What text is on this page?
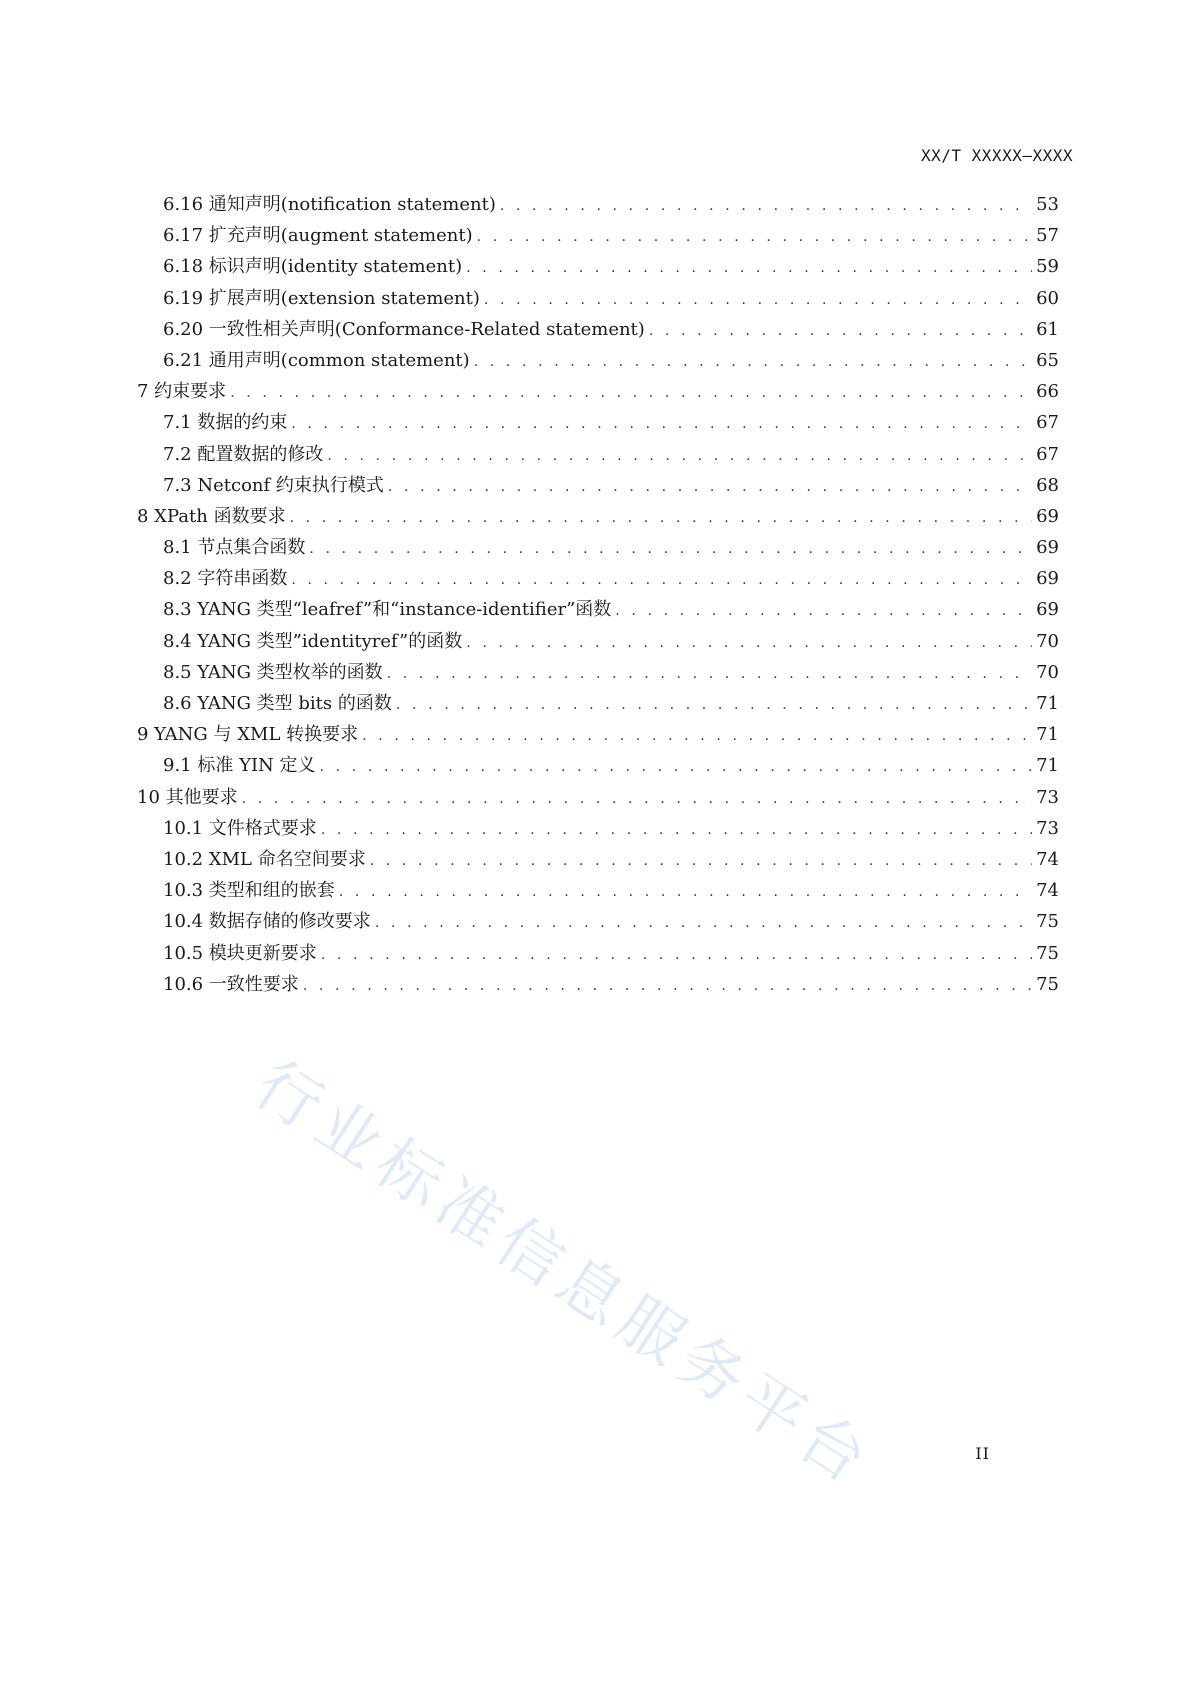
XX/T XXXXX—XXXX
6.16 通知声明(notification statement) . . .	53
6.17 扩充声明(augment statement) . . .	57
6.18 标识声明(identity statement) . . .	59
6.19 扩展声明(extension statement) . . .	60
6.20 一致性相关声明(Conformance-Related statement) . . .	61
6.21 通用声明(common statement) . . .	65
7 约束要求 . . .	66
7.1 数据的约束 . . .	67
7.2 配置数据的修改 . . .	67
7.3 Netconf 约束执行模式 . . .	68
8 XPath 函数要求 . . .	69
8.1 节点集合函数 . . .	69
8.2 字符串函数 . . .	69
8.3 YANG 类型“leafref”和“instance-identifier”函数 . . .	69
8.4 YANG 类型”identityref”的函数 . . .	70
8.5 YANG 类型枚举的函数 . . .	70
8.6 YANG 类型 bits 的函数 . . .	71
9 YANG 与 XML 转换要求 . . .	71
9.1 标准 YIN 定义 . . .	71
10 其他要求 . . .	73
10.1 文件格式要求 . . .	73
10.2 XML 命名空间要求 . . .	74
10.3 类型和组的嵌套 . . .	74
10.4 数据存储的修改要求 . . .	75
10.5 模块更新要求 . . .	75
10.6 一致性要求 . . .	75
行业标准信息服务平台	II
